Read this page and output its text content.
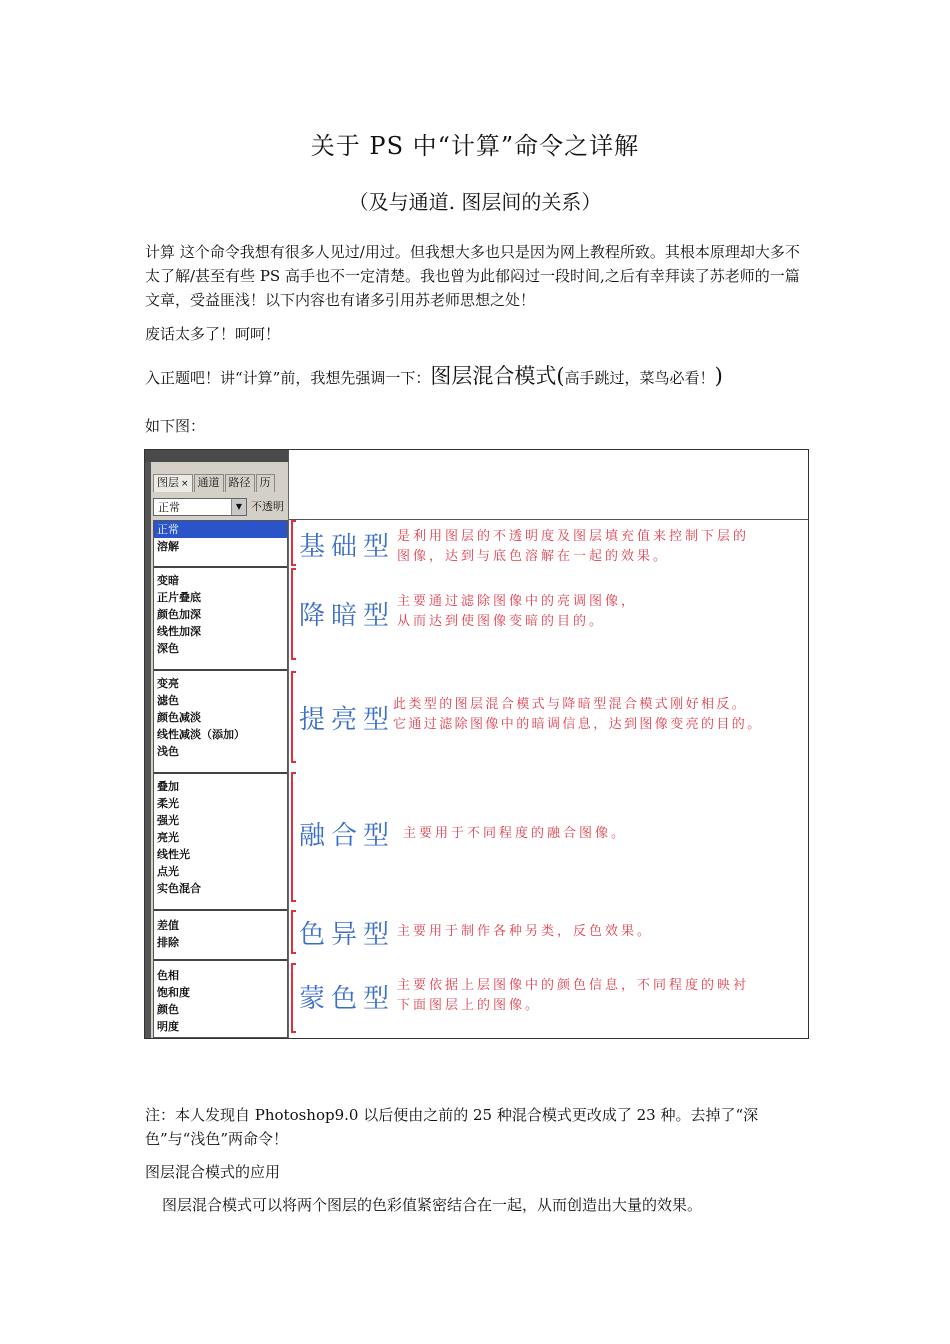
关于 PS 中“计算”命令之详解
（及与通道. 图层间的关系）
计算 这个命令我想有很多人见过/用过。但我想大多也只是因为网上教程所致。其根本原理却大多不太了解/甚至有些 PS 高手也不一定清楚。我也曾为此郁闷过一段时间,之后有幸拜读了苏老师的一篇文章，受益匪浅！以下内容也有诸多引用苏老师思想之处！
废话太多了！呵呵！
入正题吧！讲“计算”前，我想先强调一下：图层混合模式(高手跳过，菜鸟必看！)
如下图：
图层 × 通道 路径 历
正常	▼ 不透明
正常
溶解
变暗
正片叠底
颜色加深
线性加深
深色
变亮
滤色
颜色减淡
线性减淡（添加）
浅色
叠加
柔光
强光
亮光
线性光
点光
实色混合
差值
排除
色相
饱和度
颜色
明度
基础型 是利用图层的不透明度及图层填充值来控制下层的
图像，达到与底色溶解在一起的效果。
降暗型 主要通过滤除图像中的亮调图像，
从而达到使图像变暗的目的。
提亮型
此类型的图层混合模式与降暗型混合模式刚好相反。
它通过滤除图像中的暗调信息，达到图像变亮的目的。
融合型 主要用于不同程度的融合图像。
色异型 主要用于制作各种另类，反色效果。
蒙色型 主要依据上层图像中的颜色信息，不同程度的映衬
下面图层上的图像。
注：本人发现自 Photoshop9.0 以后便由之前的 25 种混合模式更改成了 23 种。去掉了“深色”与“浅色”两命令！
图层混合模式的应用
图层混合模式可以将两个图层的色彩值紧密结合在一起，从而创造出大量的效果。
